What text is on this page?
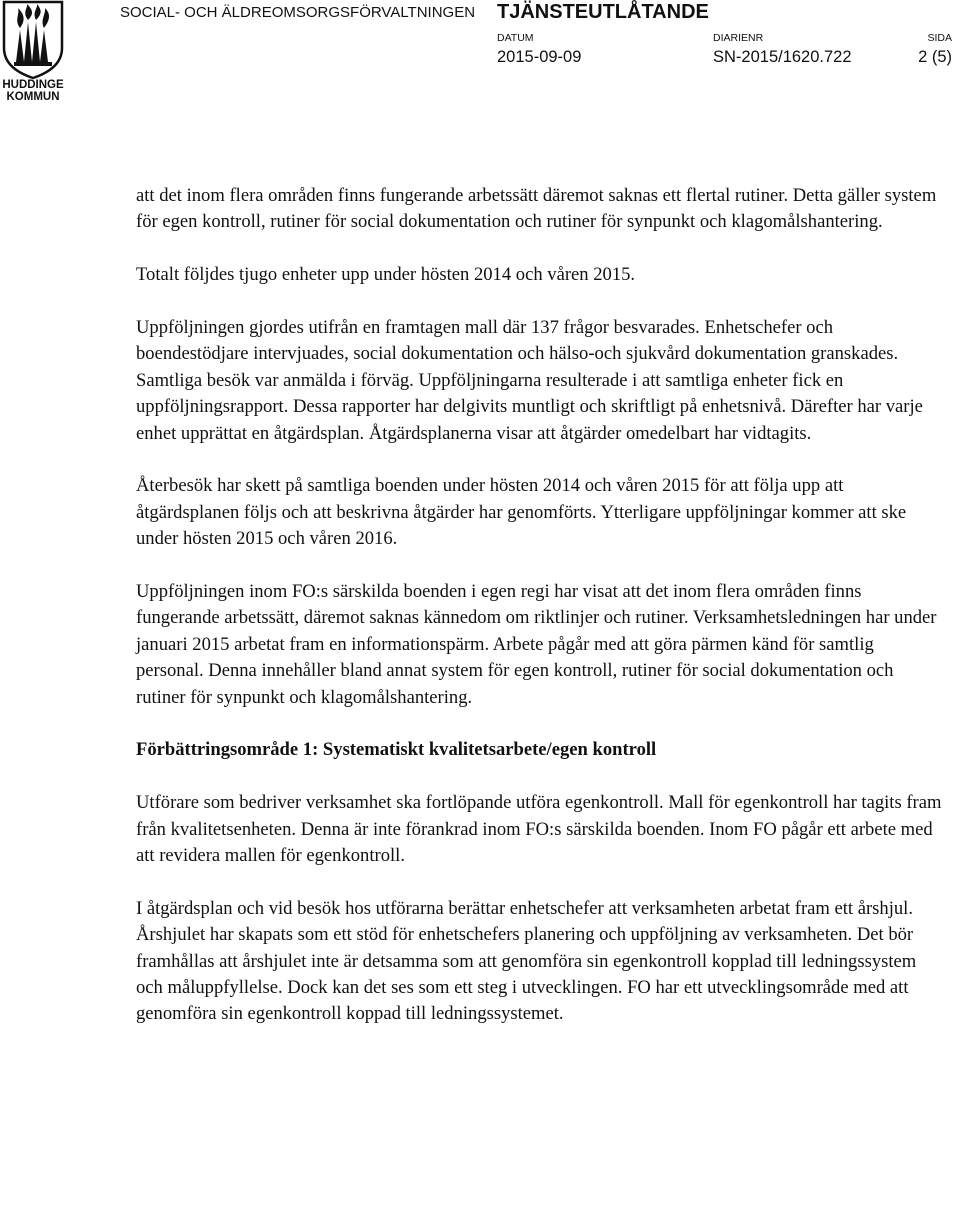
HUDDINGE
KOMMUN
SOCIAL- OCH ÄLDREOMSORGSFÖRVALTNINGEN TJÄNSTEUTLÅTANDE
DATUM
2015-09-09
DIARIENR
SN-2015/1620.722
SIDA
2 (5)

att det inom flera områden finns fungerande arbetssätt däremot saknas ett flertal rutiner. Detta gäller system för egen kontroll, rutiner för social dokumentation och rutiner för synpunkt och klagomålshantering.

Totalt följdes tjugo enheter upp under hösten 2014 och våren 2015.

Uppföljningen gjordes utifrån en framtagen mall där 137 frågor besvarades. Enhetschefer och boendestödjare intervjuades, social dokumentation och hälso-och sjukvård dokumentation granskades. Samtliga besök var anmälda i förväg. Uppföljningarna resulterade i att samtliga enheter fick en uppföljningsrapport. Dessa rapporter har delgivits muntligt och skriftligt på enhetsnivå. Därefter har varje enhet upprättat en åtgärdsplan. Åtgärdsplanerna visar att åtgärder omedelbart har vidtagits.

Återbesök har skett på samtliga boenden under hösten 2014 och våren 2015 för att följa upp att åtgärdsplanen följs och att beskrivna åtgärder har genomförts. Ytterligare uppföljningar kommer att ske under hösten 2015 och våren 2016.

Uppföljningen inom FO:s särskilda boenden i egen regi har visat att det inom flera områden finns fungerande arbetssätt, däremot saknas kännedom om riktlinjer och rutiner. Verksamhetsledningen har under januari 2015 arbetat fram en informationspärm. Arbete pågår med att göra pärmen känd för samtlig personal. Denna innehåller bland annat system för egen kontroll, rutiner för social dokumentation och rutiner för synpunkt och klagomålshantering.

Förbättringsområde 1: Systematiskt kvalitetsarbete/egen kontroll

Utförare som bedriver verksamhet ska fortlöpande utföra egenkontroll. Mall för egenkontroll har tagits fram från kvalitetsenheten. Denna är inte förankrad inom FO:s särskilda boenden. Inom FO pågår ett arbete med att revidera mallen för egenkontroll.

I åtgärdsplan och vid besök hos utförarna berättar enhetschefer att verksamheten arbetat fram ett årshjul. Årshjulet har skapats som ett stöd för enhetschefers planering och uppföljning av verksamheten. Det bör framhållas att årshjulet inte är detsamma som att genomföra sin egenkontroll kopplad till ledningssystem och måluppfyllelse. Dock kan det ses som ett steg i utvecklingen. FO har ett utvecklingsområde med att genomföra sin egenkontroll koppad till ledningssystemet.
